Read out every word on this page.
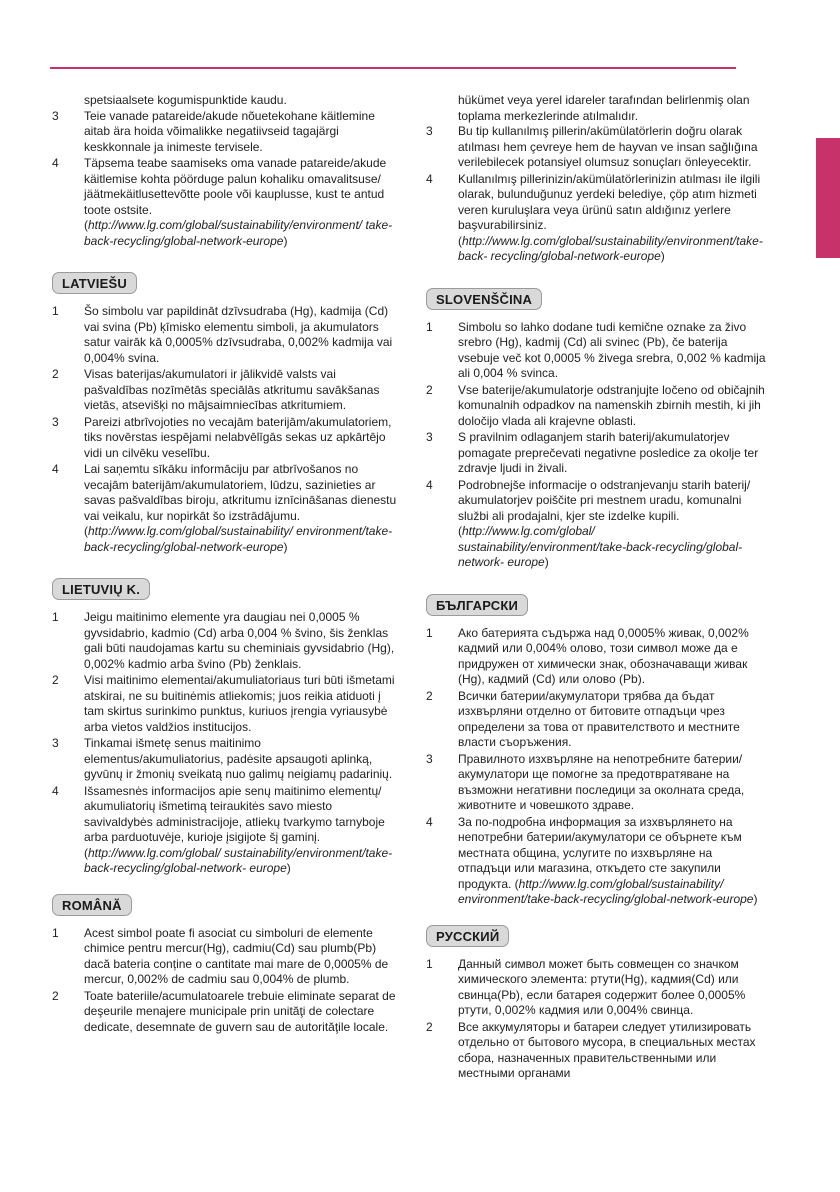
spetsiaalsete kogumispunktide kaudu.
3	Teie vanade patareide/akude nõuetekohane käitlemine aitab ära hoida võimalikke negatiivseid tagajärgi keskkonnale ja inimeste tervisele.
4	Täpsema teabe saamiseks oma vanade patareide/akude käitlemise kohta pöörduge palun kohaliku omavalitsuse/ jäätmekäitlusettevõtte poole või kauplusse, kust te antud toote ostsite. (http://www.lg.com/global/sustainability/environment/ take-back-recycling/global-network-europe)
LATVIEŠU
1	Šo simbolu var papildināt dzīvsudraba (Hg), kadmija (Cd) vai svina (Pb) ķīmisko elementu simboli, ja akumulators satur vairāk kā 0,0005% dzīvsudraba, 0,002% kadmija vai 0,004% svina.
2	Visas baterijas/akumulatori ir jālikvidē valsts vai pašvaldības nozīmētās speciālās atkritumu savākšanas vietās, atsevišķi no mājsaimniecības atkritumiem.
3	Pareizi atbrīvojoties no vecajām baterijām/akumulatoriem, tiks novērstas iespējami nelabvēlīgās sekas uz apkārtējo vidi un cilvēku veselību.
4	Lai saņemtu sīkāku informāciju par atbrīvošanos no vecajām baterijām/akumulatoriem, lūdzu, sazinieties ar savas pašvaldības biroju, atkritumu iznīcināšanas dienestu vai veikalu, kur nopirkāt šo izstrādājumu. (http://www.lg.com/global/sustainability/ environment/take-back-recycling/global-network-europe)
LIETUVIŲ K.
1	Jeigu maitinimo elemente yra daugiau nei 0,0005 % gyvsidabrio, kadmio (Cd) arba 0,004 % švino, šis ženklas gali būti naudojamas kartu su cheminiais gyvsidabrio (Hg), 0,002% kadmio arba švino (Pb) ženklais.
2	Visi maitinimo elementai/akumuliatoriaus turi būti išmetami atskirai, ne su buitinėmis atliekomis; juos reikia atiduoti į tam skirtus surinkimo punktus, kuriuos įrengia vyriausybė arba vietos valdžios institucijos.
3	Tinkamai išmetę senus maitinimo elementus/akumuliatorius, padėsite apsaugoti aplinką, gyvūnų ir žmonių sveikatą nuo galimų neigiamų padarinių.
4	Išsamesnės informacijos apie senų maitinimo elementų/ akumuliatorių išmetimą teiraukitės savo miesto savivaldybės administracijoje, atliekų tvarkymo tarnyboje arba parduotuvėje, kurioje įsigijote šį gaminį. (http://www.lg.com/global/ sustainability/environment/take-back-recycling/global-network- europe)
ROMÂNĂ
1	Acest simbol poate fi asociat cu simboluri de elemente chimice pentru mercur(Hg), cadmiu(Cd) sau plumb(Pb) dacă bateria conține o cantitate mai mare de 0,0005% de mercur, 0,002% de cadmiu sau 0,004% de plumb.
2	Toate bateriile/acumulatoarele trebuie eliminate separat de deşeurile menajere municipale prin unităţi de colectare dedicate, desemnate de guvern sau de autorităţile locale.
hükümet veya yerel idareler tarafından belirlenmiş olan toplama merkezlerinde atılmalıdır.
3	Bu tip kullanılmış pillerin/akümülatörlerin doğru olarak atılması hem çevreye hem de hayvan ve insan sağlığına verilebilecek potansiyel olumsuz sonuçları önleyecektir.
4	Kullanılmış pillerinizin/akümülatörlerinizin atılması ile ilgili olarak, bulunduğunuz yerdeki belediye, çöp atım hizmeti veren kuruluşlara veya ürünü satın aldığınız yerlere başvurabilirsiniz. (http://www.lg.com/global/sustainability/environment/take-back- recycling/global-network-europe)
SLOVENŠČINA
1	Simbolu so lahko dodane tudi kemične oznake za živo srebro (Hg), kadmij (Cd) ali svinec (Pb), če baterija vsebuje več kot 0,0005 % živega srebra, 0,002 % kadmija ali 0,004 % svinca.
2	Vse baterije/akumulatorje odstranjujte ločeno od običajnih komunalnih odpadkov na namenskih zbirnih mestih, ki jih določijo vlada ali krajevne oblasti.
3	S pravilnim odlaganjem starih baterij/akumulatorjev pomagate preprečevati negativne posledice za okolje ter zdravje ljudi in živali.
4	Podrobnejše informacije o odstranjevanju starih baterij/ akumulatorjev poiščite pri mestnem uradu, komunalni službi ali prodajalni, kjer ste izdelke kupili. (http://www.lg.com/global/ sustainability/environment/take-back-recycling/global-network- europe)
БЪЛГАРСКИ
1	Ако батерията съдържа над 0,0005% живак, 0,002% кадмий или 0,004% олово, този символ може да е придружен от химически знак, обозначаващи живак (Hg), кадмий (Cd) или олово (Pb).
2	Всички батерии/акумулатори трябва да бъдат изхвърляни отделно от битовите отпадъци чрез определени за това от правителството и местните власти съоръжения.
3	Правилното изхвърляне на непотребните батерии/ акумулатори ще помогне за предотвратяване на възможни негативни последици за околната среда, животните и човешкото здраве.
4	За по-подробна информация за изхвърлянето на непотребни батерии/акумулатори се обърнете към местната община, услугите по изхвърляне на отпадъци или магазина, откъдето сте закупили продукта. (http://www.lg.com/global/sustainability/ environment/take-back-recycling/global-network-europe)
РУССКИЙ
1	Данный символ может быть совмещен со значком химического элемента: ртути(Hg), кадмия(Cd) или свинца(Pb), если батарея содержит более 0,0005% ртути, 0,002% кадмия или 0,004% свинца.
2	Все аккумуляторы и батареи следует утилизировать отдельно от бытового мусора, в специальных местах сбора, назначенных правительственными или местными органами
